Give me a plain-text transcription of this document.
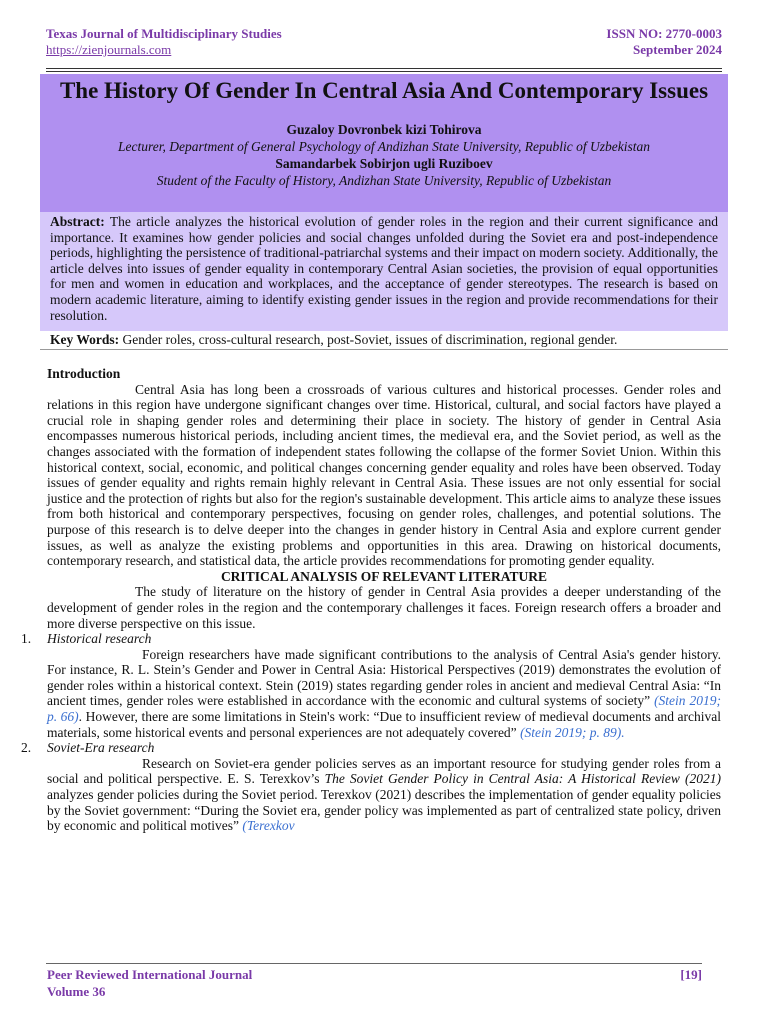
Texas Journal of Multidisciplinary Studies
https://zienjournals.com
ISSN NO: 2770-0003
September 2024
The History Of Gender In Central Asia And Contemporary Issues
Guzaloy Dovronbek kizi Tohirova
Lecturer, Department of General Psychology of Andizhan State University, Republic of Uzbekistan
Samandarbek Sobirjon ugli Ruziboev
Student of the Faculty of History, Andizhan State University, Republic of Uzbekistan
Abstract: The article analyzes the historical evolution of gender roles in the region and their current significance and importance. It examines how gender policies and social changes unfolded during the Soviet era and post-independence periods, highlighting the persistence of traditional-patriarchal systems and their impact on modern society. Additionally, the article delves into issues of gender equality in contemporary Central Asian societies, the provision of equal opportunities for men and women in education and workplaces, and the acceptance of gender stereotypes. The research is based on modern academic literature, aiming to identify existing gender issues in the region and provide recommendations for their resolution.
Key Words: Gender roles, cross-cultural research, post-Soviet, issues of discrimination, regional gender.

Introduction

Central Asia has long been a crossroads of various cultures and historical processes. Gender roles and relations in this region have undergone significant changes over time. Historical, cultural, and social factors have played a crucial role in shaping gender roles and determining their place in society. The history of gender in Central Asia encompasses numerous historical periods, including ancient times, the medieval era, and the Soviet period, as well as the changes associated with the formation of independent states following the collapse of the former Soviet Union. Within this historical context, social, economic, and political changes concerning gender equality and roles have been observed. Today issues of gender equality and rights remain highly relevant in Central Asia. These issues are not only essential for social justice and the protection of rights but also for the region's sustainable development. This article aims to analyze these issues from both historical and contemporary perspectives, focusing on gender roles, challenges, and potential solutions. The purpose of this research is to delve deeper into the changes in gender history in Central Asia and explore current gender issues, as well as analyze the existing problems and opportunities in this area. Drawing on historical documents, contemporary research, and statistical data, the article provides recommendations for promoting gender equality.

CRITICAL ANALYSIS OF RELEVANT LITERATURE

The study of literature on the history of gender in Central Asia provides a deeper understanding of the development of gender roles in the region and the contemporary challenges it faces. Foreign research offers a broader and more diverse perspective on this issue.

1. Historical research

Foreign researchers have made significant contributions to the analysis of Central Asia's gender history. For instance, R. L. Stein’s Gender and Power in Central Asia: Historical Perspectives (2019) demonstrates the evolution of gender roles within a historical context. Stein (2019) states regarding gender roles in ancient and medieval Central Asia: “In ancient times, gender roles were established in accordance with the economic and cultural systems of society” (Stein 2019; p. 66). However, there are some limitations in Stein's work: “Due to insufficient review of medieval documents and archival materials, some historical events and personal experiences are not adequately covered” (Stein 2019; p. 89).

2. Soviet-Era research

Research on Soviet-era gender policies serves as an important resource for studying gender roles from a social and political perspective. E. S. Terexkov’s The Soviet Gender Policy in Central Asia: A Historical Review (2021) analyzes gender policies during the Soviet period. Terexkov (2021) describes the implementation of gender equality policies by the Soviet government: “During the Soviet era, gender policy was implemented as part of centralized state policy, driven by economic and political motives” (Terexkov

Peer Reviewed International Journal
Volume 36
[19]
